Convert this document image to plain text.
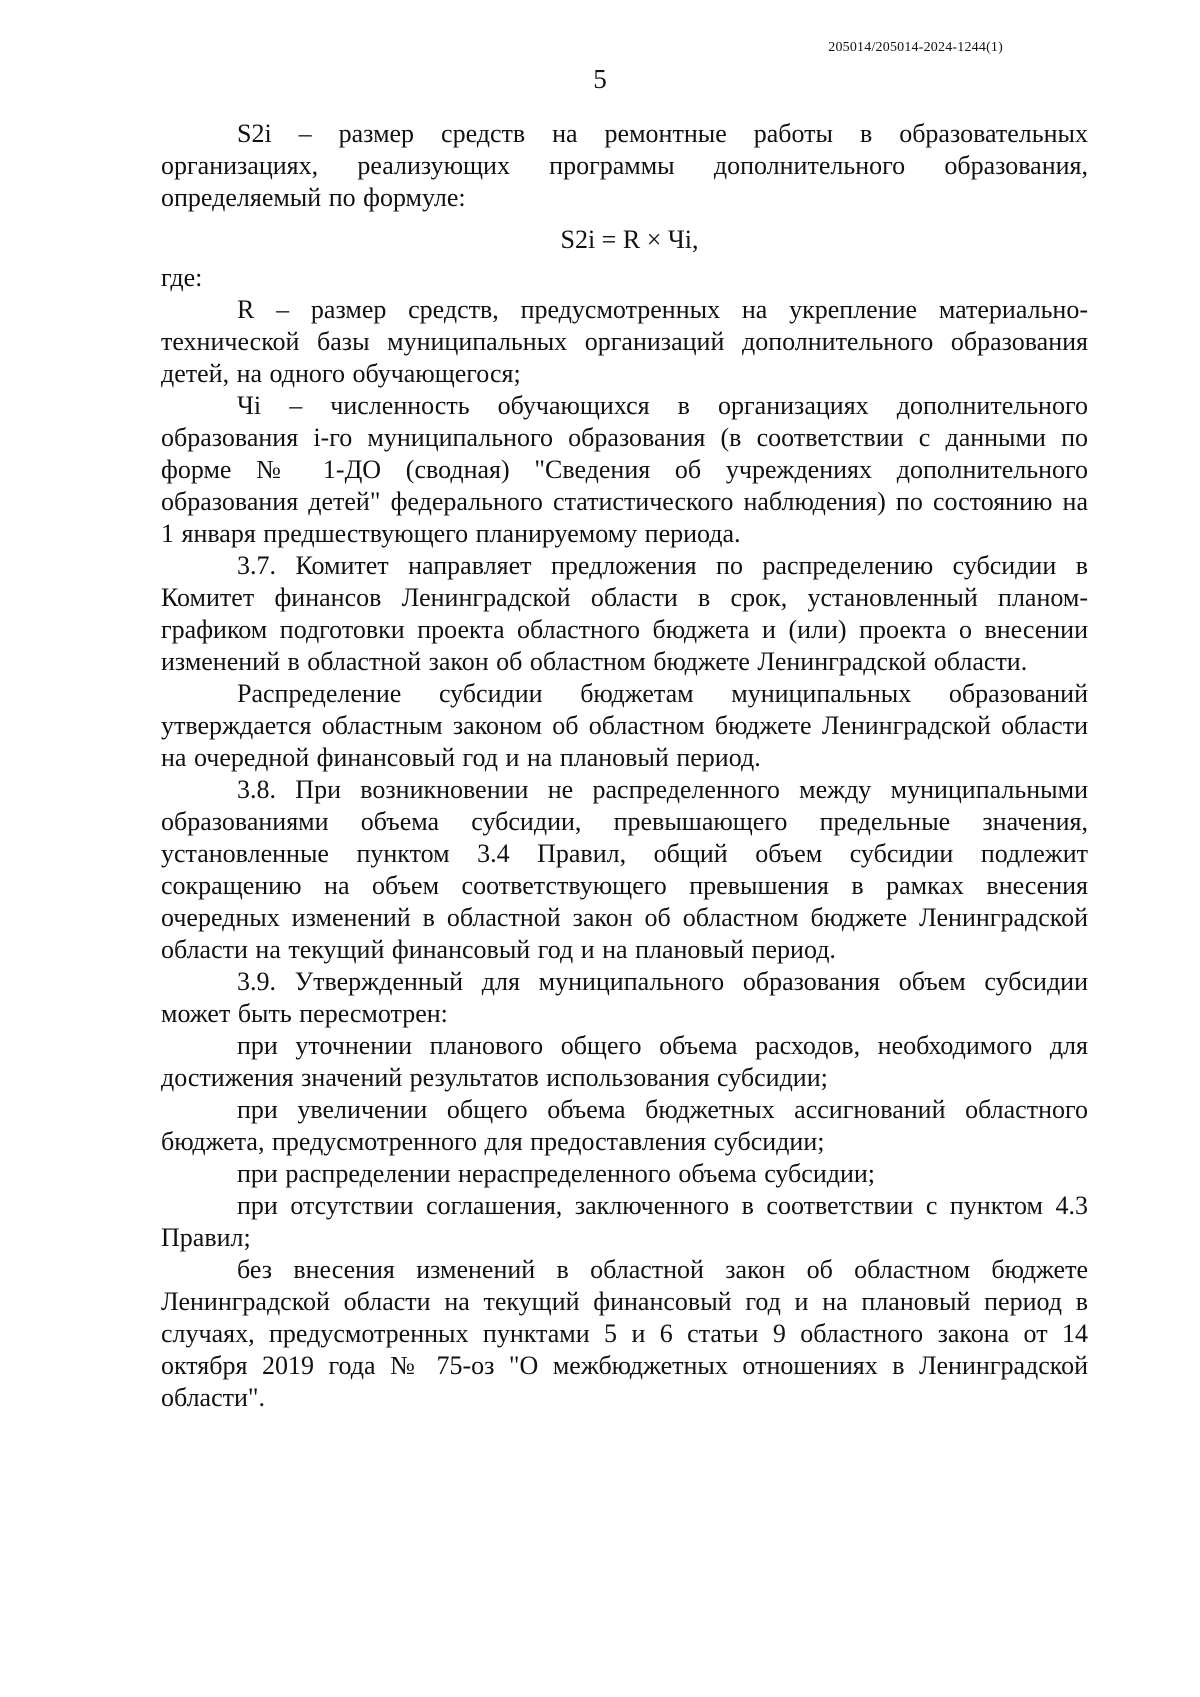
205014/205014-2024-1244(1)
5

S2i – размер средств на ремонтные работы в образовательных организациях, реализующих программы дополнительного образования, определяемый по формуле:

S2i = R × Чi,

где:

R – размер средств, предусмотренных на укрепление материально-технической базы муниципальных организаций дополнительного образования детей, на одного обучающегося;

Чi – численность обучающихся в организациях дополнительного образования i-го муниципального образования (в соответствии с данными по форме № 1-ДО (сводная) "Сведения об учреждениях дополнительного образования детей" федерального статистического наблюдения) по состоянию на 1 января предшествующего планируемому периода.

3.7. Комитет направляет предложения по распределению субсидии в Комитет финансов Ленинградской области в срок, установленный планом-графиком подготовки проекта областного бюджета и (или) проекта о внесении изменений в областной закон об областном бюджете Ленинградской области.

Распределение субсидии бюджетам муниципальных образований утверждается областным законом об областном бюджете Ленинградской области на очередной финансовый год и на плановый период.

3.8. При возникновении не распределенного между муниципальными образованиями объема субсидии, превышающего предельные значения, установленные пунктом 3.4 Правил, общий объем субсидии подлежит сокращению на объем соответствующего превышения в рамках внесения очередных изменений в областной закон об областном бюджете Ленинградской области на текущий финансовый год и на плановый период.

3.9. Утвержденный для муниципального образования объем субсидии может быть пересмотрен:

при уточнении планового общего объема расходов, необходимого для достижения значений результатов использования субсидии;

при увеличении общего объема бюджетных ассигнований областного бюджета, предусмотренного для предоставления субсидии;

при распределении нераспределенного объема субсидии;

при отсутствии соглашения, заключенного в соответствии с пунктом 4.3 Правил;

без внесения изменений в областной закон об областном бюджете Ленинградской области на текущий финансовый год и на плановый период в случаях, предусмотренных пунктами 5 и 6 статьи 9 областного закона от 14 октября 2019 года № 75-оз "О межбюджетных отношениях в Ленинградской области".
